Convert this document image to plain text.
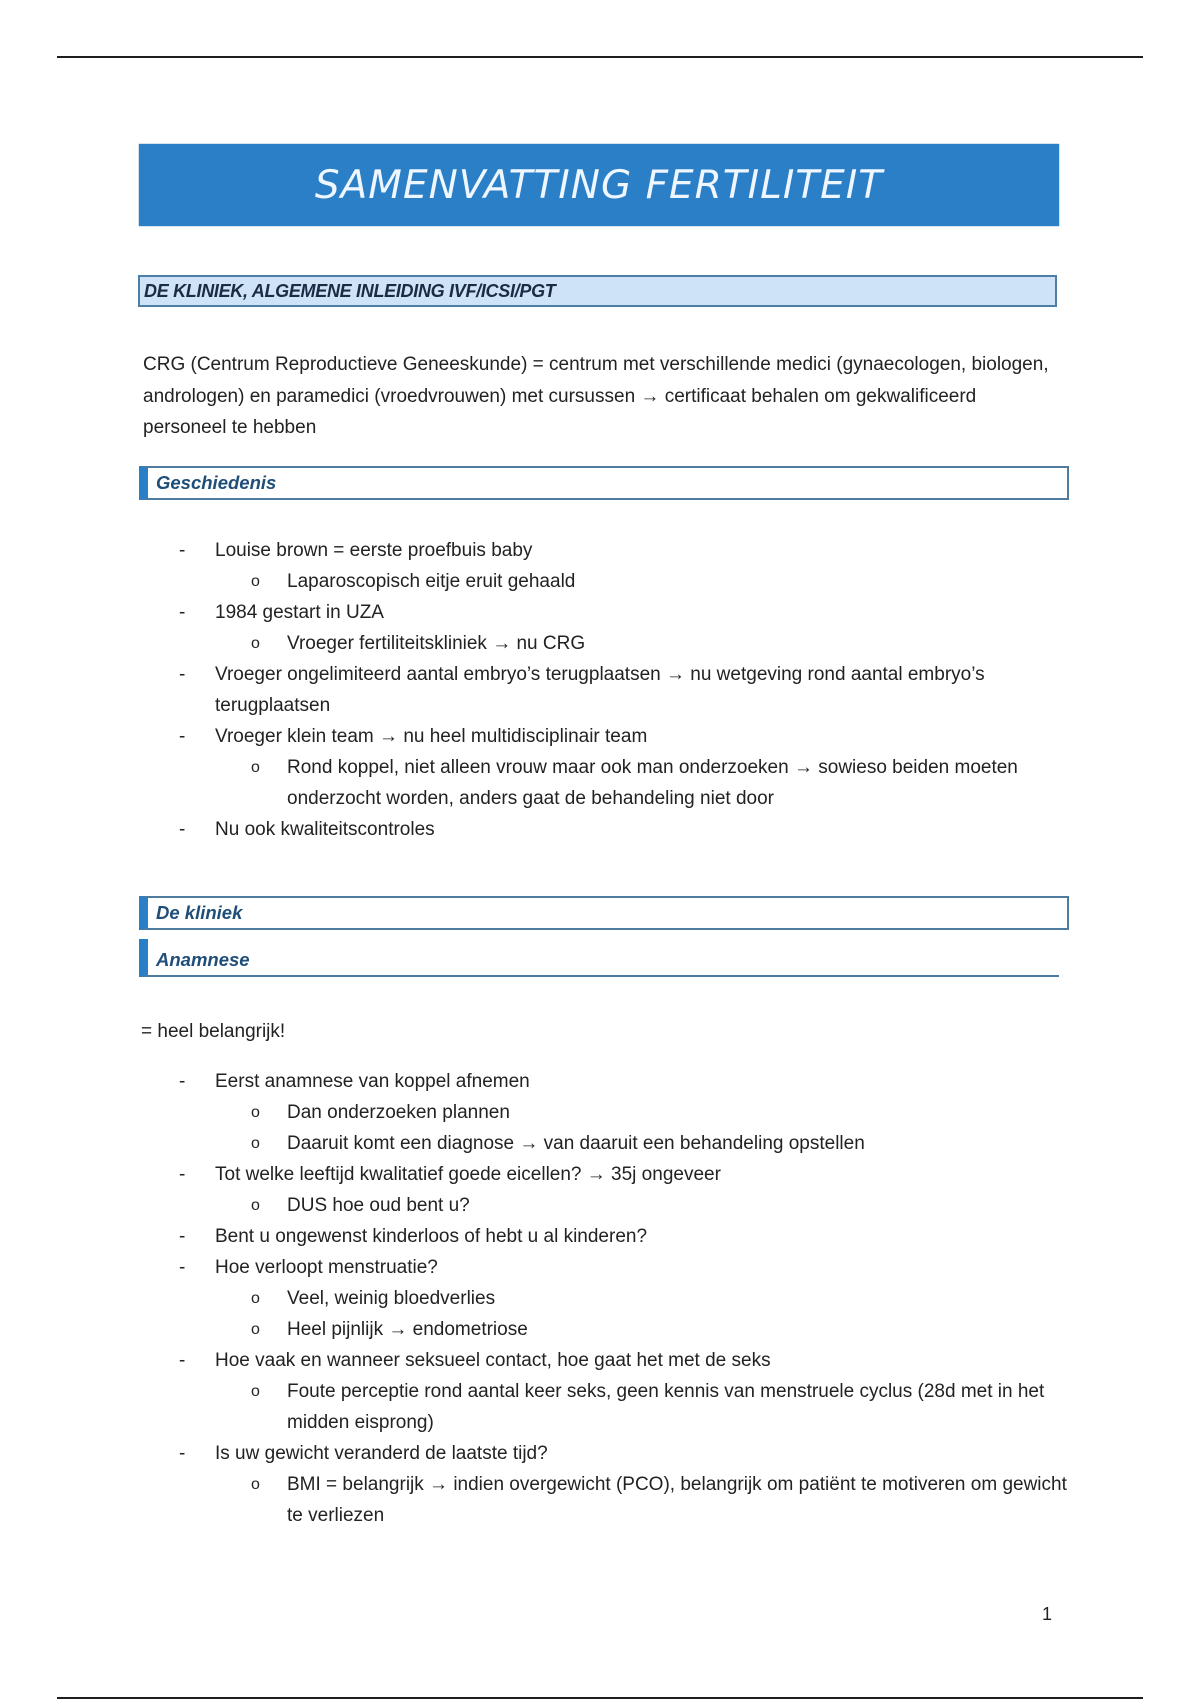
SAMENVATTING FERTILITEIT
DE KLINIEK, ALGEMENE INLEIDING IVF/ICSI/PGT
CRG (Centrum Reproductieve Geneeskunde) = centrum met verschillende medici (gynaecologen, biologen, andrologen) en paramedici (vroedvrouwen) met cursussen → certificaat behalen om gekwalificeerd personeel te hebben
Geschiedenis
- Louise brown = eerste proefbuis baby
o Laparoscopisch eitje eruit gehaald
- 1984 gestart in UZA
o Vroeger fertiliteitskliniek → nu CRG
- Vroeger ongelimiteerd aantal embryo’s terugplaatsen → nu wetgeving rond aantal embryo’s terugplaatsen
- Vroeger klein team → nu heel multidisciplinair team
o Rond koppel, niet alleen vrouw maar ook man onderzoeken → sowieso beiden moeten onderzocht worden, anders gaat de behandeling niet door
- Nu ook kwaliteitscontroles
De kliniek
Anamnese
= heel belangrijk!
- Eerst anamnese van koppel afnemen
o Dan onderzoeken plannen
o Daaruit komt een diagnose → van daaruit een behandeling opstellen
- Tot welke leeftijd kwalitatief goede eicellen? → 35j ongeveer
o DUS hoe oud bent u?
- Bent u ongewenst kinderloos of hebt u al kinderen?
- Hoe verloopt menstruatie?
o Veel, weinig bloedverlies
o Heel pijnlijk → endometriose
- Hoe vaak en wanneer seksueel contact, hoe gaat het met de seks
o Foute perceptie rond aantal keer seks, geen kennis van menstruele cyclus (28d met in het midden eisprong)
- Is uw gewicht veranderd de laatste tijd?
o BMI = belangrijk → indien overgewicht (PCO), belangrijk om patiënt te motiveren om gewicht te verliezen
1
